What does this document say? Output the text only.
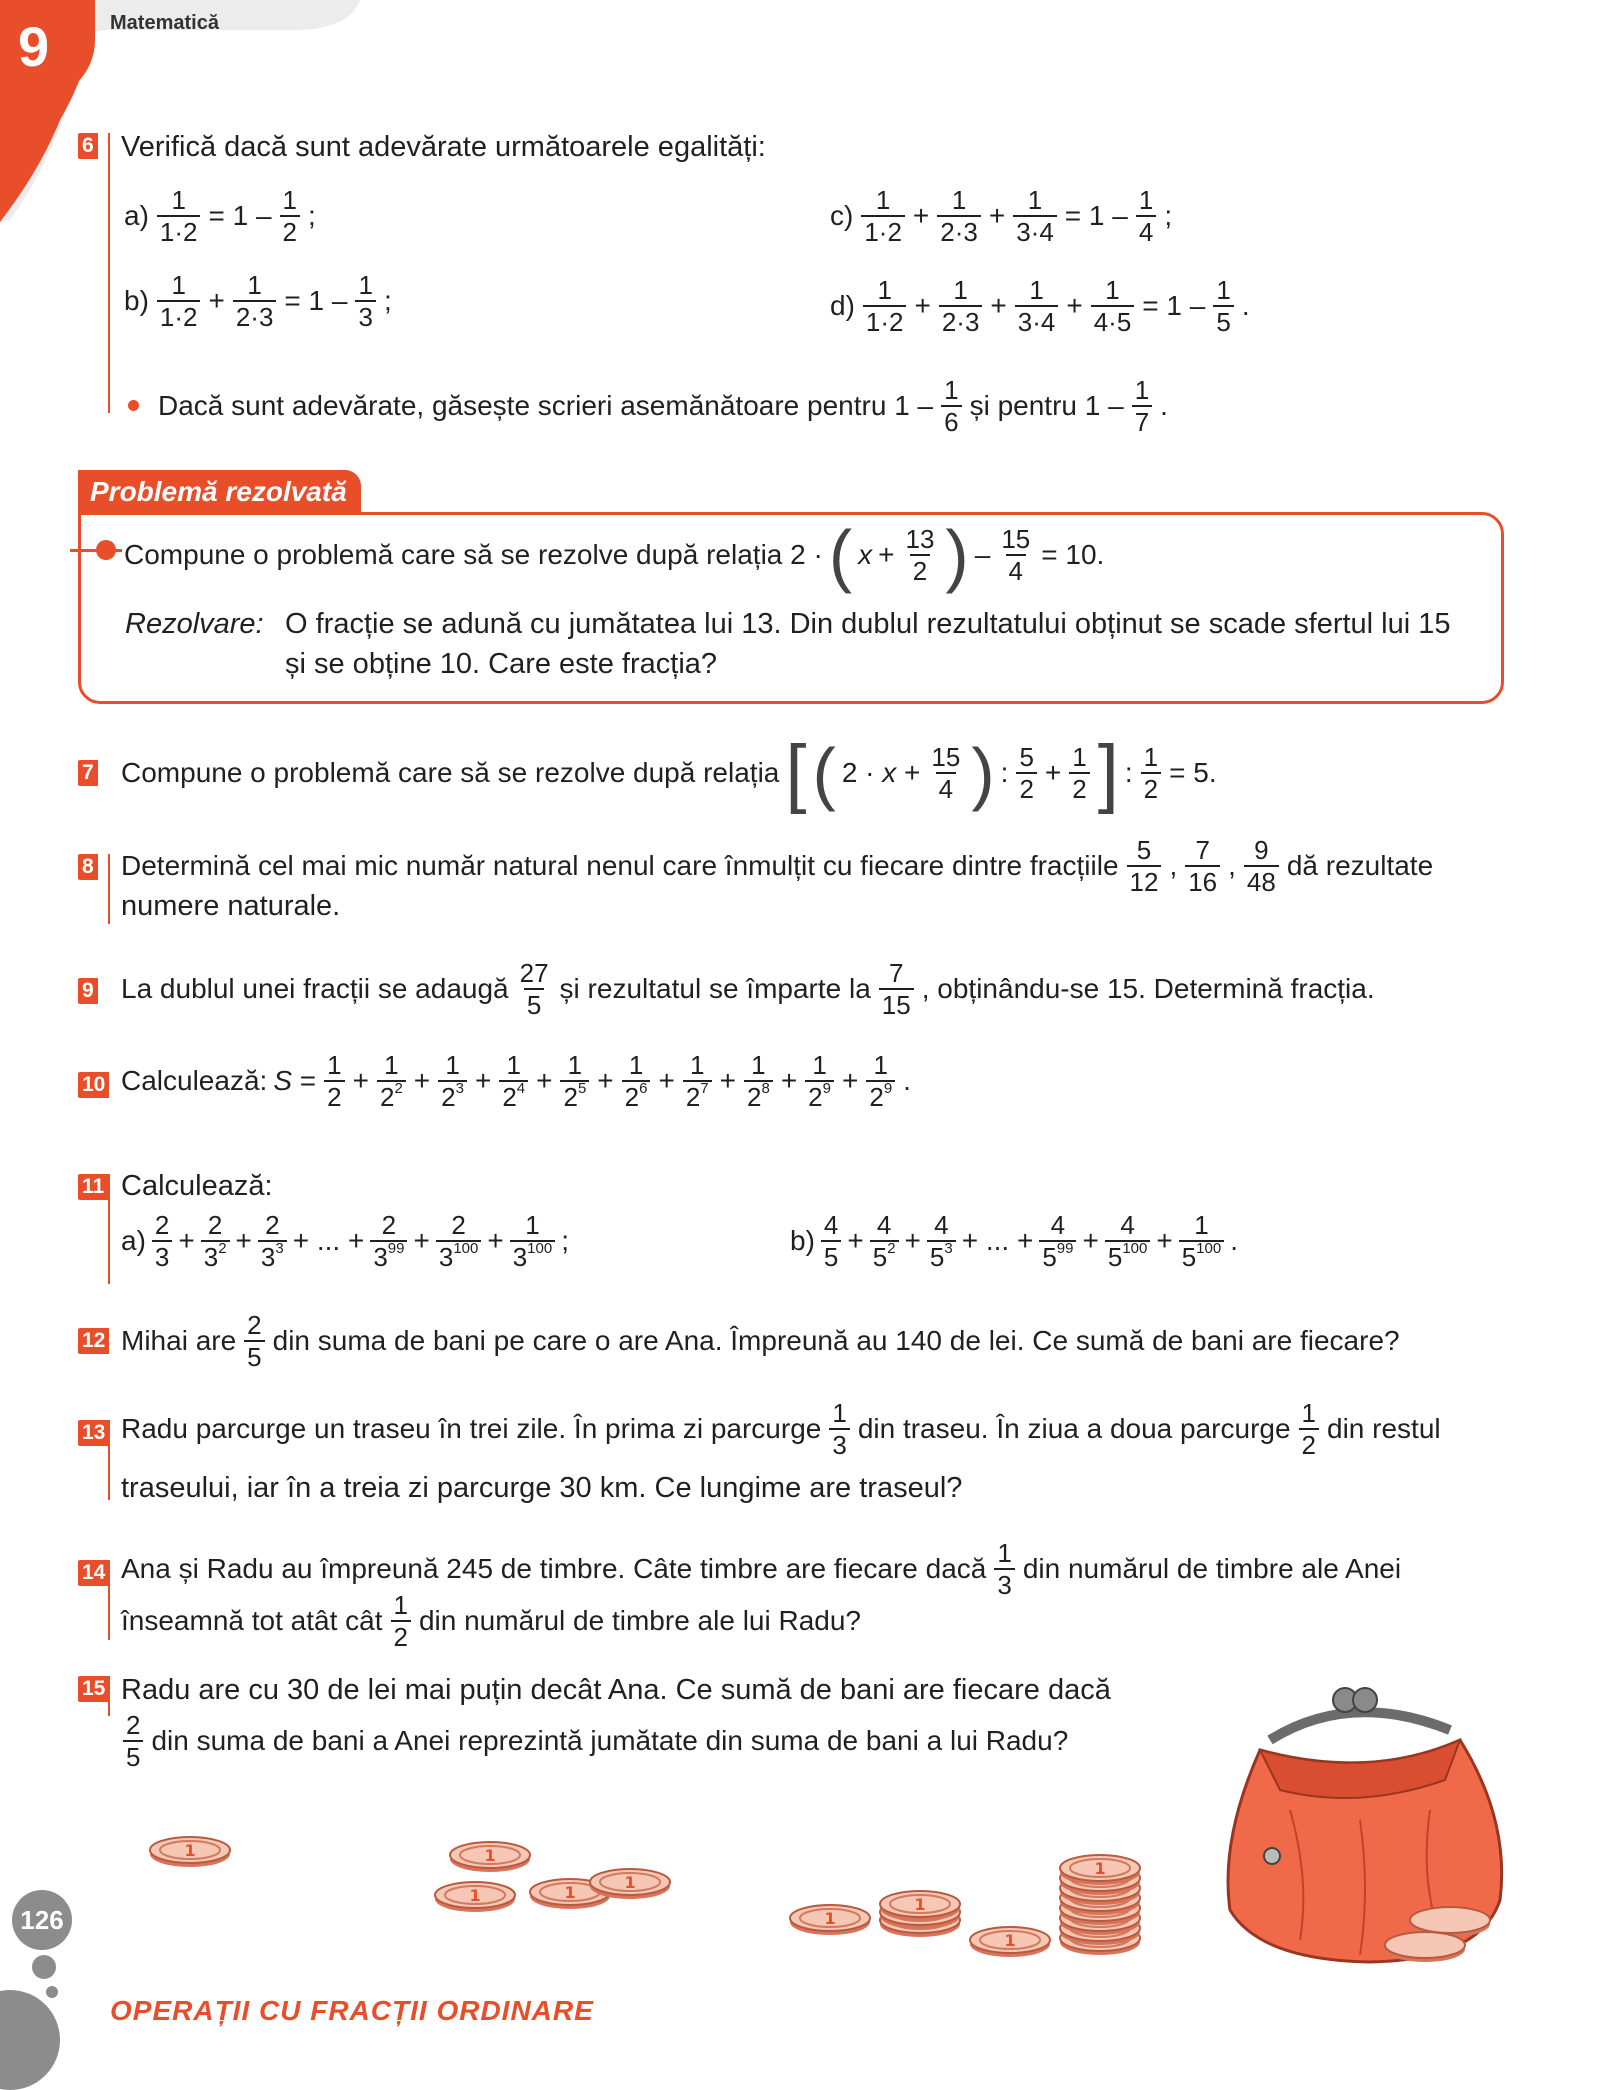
9	Matematică
6 Verifică dacă sunt adevărate următoarele egalități:
$a) \frac{1}{1\cdot 2} = 1 - \frac{1}{2}$ ;
$b) \frac{1}{1\cdot 2} + \frac{1}{2\cdot 3} = 1 - \frac{1}{3}$ ;
$c) \frac{1}{1\cdot 2} + \frac{1}{2\cdot 3} + \frac{1}{3\cdot 4} = 1 - \frac{1}{4}$ ;
$d) \frac{1}{1\cdot 2} + \frac{1}{2\cdot 3} + \frac{1}{3\cdot 4} + \frac{1}{4\cdot 5} = 1 - \frac{1}{5}$ .
Dacă sunt adevărate, găsește scrieri asemănătoare pentru $1 - \frac{1}{6}$ și pentru $1 - \frac{1}{7}$ .
Problemă rezolvată
Compune o problemă care să se rezolve după relația 2 · ( $x + \frac{13}{2}$ ) – $\frac{15}{4} = 10$.
Rezolvare: O fracție se adună cu jumătatea lui 13. Din dublul rezultatului obținut se scade sfertul lui 15
și se obține 10. Care este fracția?
7 Compune o problemă care să se rezolve după relația [ ( $2 \cdot x + \frac{15}{4}$ ) : $\frac{5}{2} + \frac{1}{2}$ ] : $\frac{1}{2} = 5$.
8 Determină cel mai mic număr natural nenul care înmulțit cu fiecare dintre fracțiile $\frac{5}{12}$ , $\frac{7}{16}$ , $\frac{9}{48}$ dă rezultate
numere naturale.
9 La dublul unei fracții se adaugă $\frac{27}{5}$ și rezultatul se împarte la $\frac{7}{15}$ , obținându-se 15. Determină fracția.
10 Calculează: $S = \frac{1}{2} + \frac{1}{2^2} + \frac{1}{2^3} + \frac{1}{2^4} + \frac{1}{2^5} + \frac{1}{2^6} + \frac{1}{2^7} + \frac{1}{2^8} + \frac{1}{2^9} + \frac{1}{2^9}$ .
11 Calculează:
$a) \frac{2}{3} + \frac{2}{3^2} + \frac{2}{3^3}$ + ... + $\frac{2}{3^{99}} + \frac{2}{3^{100}} + \frac{1}{3^{100}}$ ;	$b) \frac{4}{5} + \frac{4}{5^2} + \frac{4}{5^3}$ + ... + $\frac{4}{5^{99}} + \frac{4}{5^{100}} + \frac{1}{5^{100}}$ .
12 Mihai are $\frac{2}{5}$ din suma de bani pe care o are Ana. Împreună au 140 de lei. Ce sumă de bani are fiecare?
13 Radu parcurge un traseu în trei zile. În prima zi parcurge $\frac{1}{3}$ din traseu. În ziua a doua parcurge $\frac{1}{2}$ din restul
traseului, iar în a treia zi parcurge 30 km. Ce lungime are traseul?
14 Ana și Radu au împreună 245 de timbre. Câte timbre are fiecare dacă $\frac{1}{3}$ din numărul de timbre ale Anei
înseamnă tot atât cât $\frac{1}{2}$ din numărul de timbre ale lui Radu?
15 Radu are cu 30 de lei mai puțin decât Ana. Ce sumă de bani are fiecare dacă
$\frac{2}{5}$ din suma de bani a Anei reprezintă jumătate din suma de bani a lui Radu?
1
126
OPERAȚII CU FRACȚII ORDINARE
